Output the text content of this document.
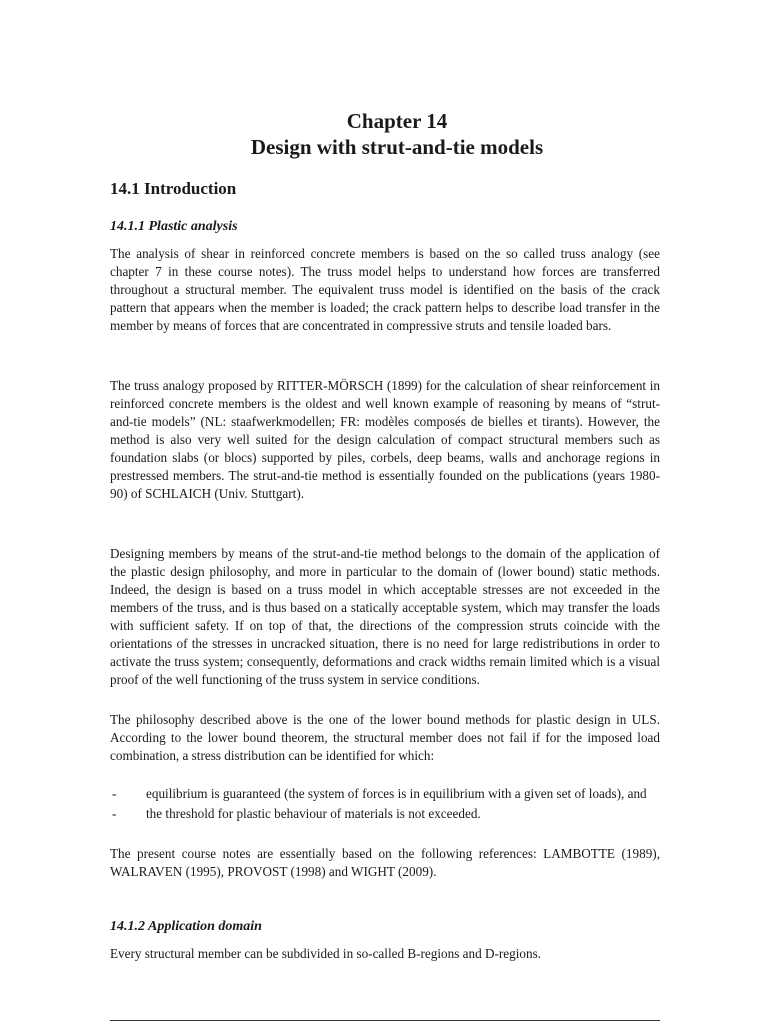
Chapter 14
Design with strut-and-tie models
14.1 Introduction
14.1.1 Plastic analysis

The analysis of shear in reinforced concrete members is based on the so called truss analogy (see chapter 7 in these course notes). The truss model helps to understand how forces are transferred throughout a structural member. The equivalent truss model is identified on the basis of the crack pattern that appears when the member is loaded; the crack pattern helps to describe load transfer in the member by means of forces that are concentrated in compressive struts and tensile loaded bars.

The truss analogy proposed by RITTER-MÖRSCH (1899) for the calculation of shear reinforcement in reinforced concrete members is the oldest and well known example of reasoning by means of “strut-and-tie models” (NL: staafwerkmodellen; FR: modèles composés de bielles et tirants). However, the method is also very well suited for the design calculation of compact structural members such as foundation slabs (or blocs) supported by piles, corbels, deep beams, walls and anchorage regions in prestressed members. The strut-and-tie method is essentially founded on the publications (years 1980-90) of SCHLAICH (Univ. Stuttgart).

Designing members by means of the strut-and-tie method belongs to the domain of the application of the plastic design philosophy, and more in particular to the domain of (lower bound) static methods. Indeed, the design is based on a truss model in which acceptable stresses are not exceeded in the members of the truss, and is thus based on a statically acceptable system, which may transfer the loads with sufficient safety. If on top of that, the directions of the compression struts coincide with the orientations of the stresses in uncracked situation, there is no need for large redistributions in order to activate the truss system; consequently, deformations and crack widths remain limited which is a visual proof of the well functioning of the truss system in service conditions.

The philosophy described above is the one of the lower bound methods for plastic design in ULS. According to the lower bound theorem, the structural member does not fail if for the imposed load combination, a stress distribution can be identified for which:

- equilibrium is guaranteed (the system of forces is in equilibrium with a given set of loads), and
- the threshold for plastic behaviour of materials is not exceeded.

The present course notes are essentially based on the following references: LAMBOTTE (1989), WALRAVEN (1995), PROVOST (1998) and WIGHT (2009).

14.1.2 Application domain

Every structural member can be subdivided in so-called B-regions and D-regions.
